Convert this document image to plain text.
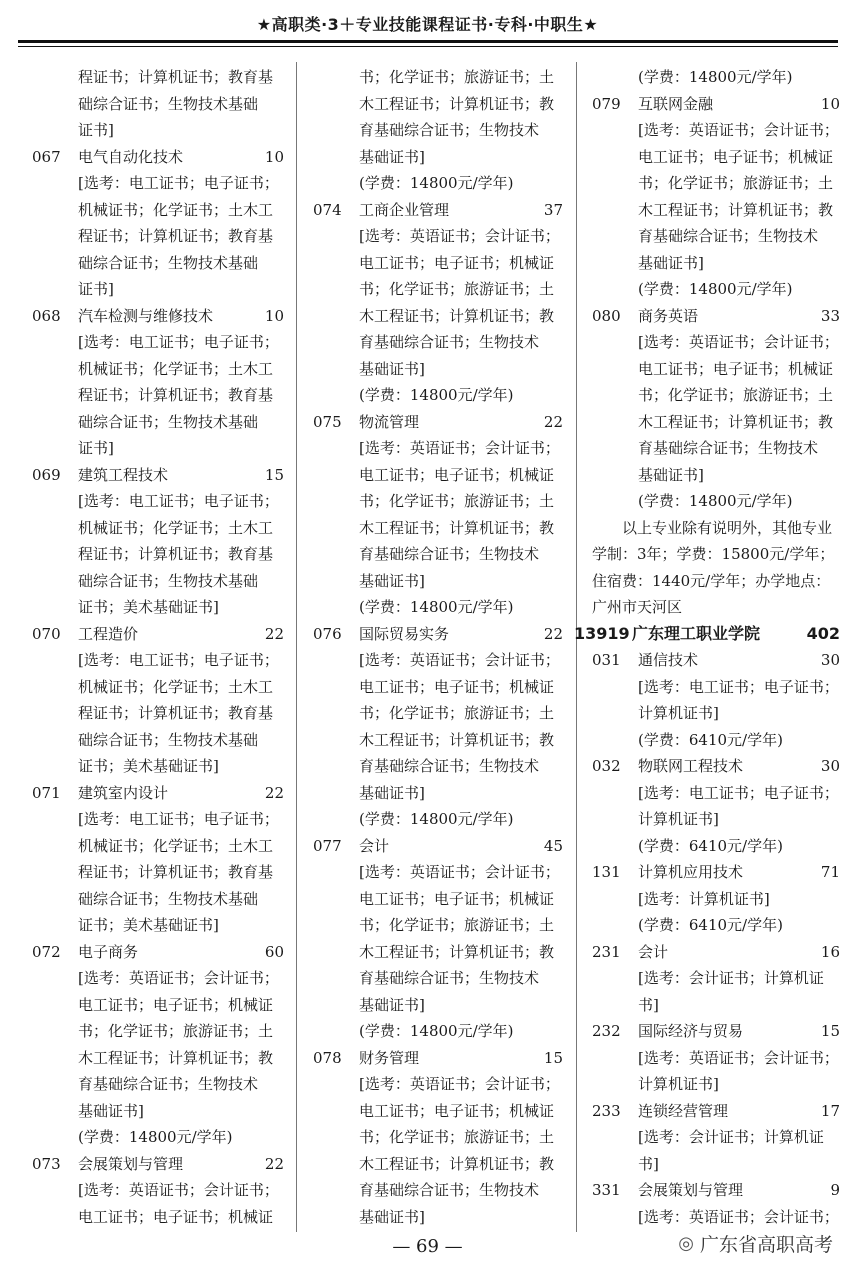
★高职类·3＋专业技能课程证书·专科·中职生★
程证书；计算机证书；教育基
础综合证书；生物技术基础
证书]
067 电气自动化技术	10
[选考：电工证书；电子证书；
机械证书；化学证书；土木工
程证书；计算机证书；教育基
础综合证书；生物技术基础
证书]
068 汽车检测与维修技术	10
[选考：电工证书；电子证书；
机械证书；化学证书；土木工
程证书；计算机证书；教育基
础综合证书；生物技术基础
证书]
069 建筑工程技术	15
[选考：电工证书；电子证书；
机械证书；化学证书；土木工
程证书；计算机证书；教育基
础综合证书；生物技术基础
证书；美术基础证书]
070 工程造价	22
[选考：电工证书；电子证书；
机械证书；化学证书；土木工
程证书；计算机证书；教育基
础综合证书；生物技术基础
证书；美术基础证书]
071 建筑室内设计	22
[选考：电工证书；电子证书；
机械证书；化学证书；土木工
程证书；计算机证书；教育基
础综合证书；生物技术基础
证书；美术基础证书]
072 电子商务	60
[选考：英语证书；会计证书；
电工证书；电子证书；机械证
书；化学证书；旅游证书；土
木工程证书；计算机证书；教
育基础综合证书；生物技术
基础证书]
(学费：14800元/学年)
073 会展策划与管理	22
[选考：英语证书；会计证书；
电工证书；电子证书；机械证
书；化学证书；旅游证书；土
木工程证书；计算机证书；教
育基础综合证书；生物技术
基础证书]
(学费：14800元/学年)
074 工商企业管理	37
[选考：英语证书；会计证书；
电工证书；电子证书；机械证
书；化学证书；旅游证书；土
木工程证书；计算机证书；教
育基础综合证书；生物技术
基础证书]
(学费：14800元/学年)
075 物流管理	22
[选考：英语证书；会计证书；
电工证书；电子证书；机械证
书；化学证书；旅游证书；土
木工程证书；计算机证书；教
育基础综合证书；生物技术
基础证书]
(学费：14800元/学年)
076 国际贸易实务	22
[选考：英语证书；会计证书；
电工证书；电子证书；机械证
书；化学证书；旅游证书；土
木工程证书；计算机证书；教
育基础综合证书；生物技术
基础证书]
(学费：14800元/学年)
077 会计	45
[选考：英语证书；会计证书；
电工证书；电子证书；机械证
书；化学证书；旅游证书；土
木工程证书；计算机证书；教
育基础综合证书；生物技术
基础证书]
(学费：14800元/学年)
078 财务管理	15
[选考：英语证书；会计证书；
电工证书；电子证书；机械证
书；化学证书；旅游证书；土
木工程证书；计算机证书；教
育基础综合证书；生物技术
基础证书]
(学费：14800元/学年)
079 互联网金融	10
[选考：英语证书；会计证书；
电工证书；电子证书；机械证
书；化学证书；旅游证书；土
木工程证书；计算机证书；教
育基础综合证书；生物技术
基础证书]
(学费：14800元/学年)
080 商务英语	33
[选考：英语证书；会计证书；
电工证书；电子证书；机械证
书；化学证书；旅游证书；土
木工程证书；计算机证书；教
育基础综合证书；生物技术
基础证书]
(学费：14800元/学年)
以上专业除有说明外，其他专业学制：3年；学费：15800元/学年；住宿费：1440元/学年；办学地点：广州市天河区
13919 广东理工职业学院	402
031 通信技术	30
[选考：电工证书；电子证书；
计算机证书]
(学费：6410元/学年)
032 物联网工程技术	30
[选考：电工证书；电子证书；
计算机证书]
(学费：6410元/学年)
131 计算机应用技术	71
[选考：计算机证书]
(学费：6410元/学年)
231 会计	16
[选考：会计证书；计算机证
书]
232 国际经济与贸易	15
[选考：英语证书；会计证书；
计算机证书]
233 连锁经营管理	17
[选考：会计证书；计算机证
书]
331 会展策划与管理	9
[选考：英语证书；会计证书；
— 69 —	◎ 广东省高职高考
